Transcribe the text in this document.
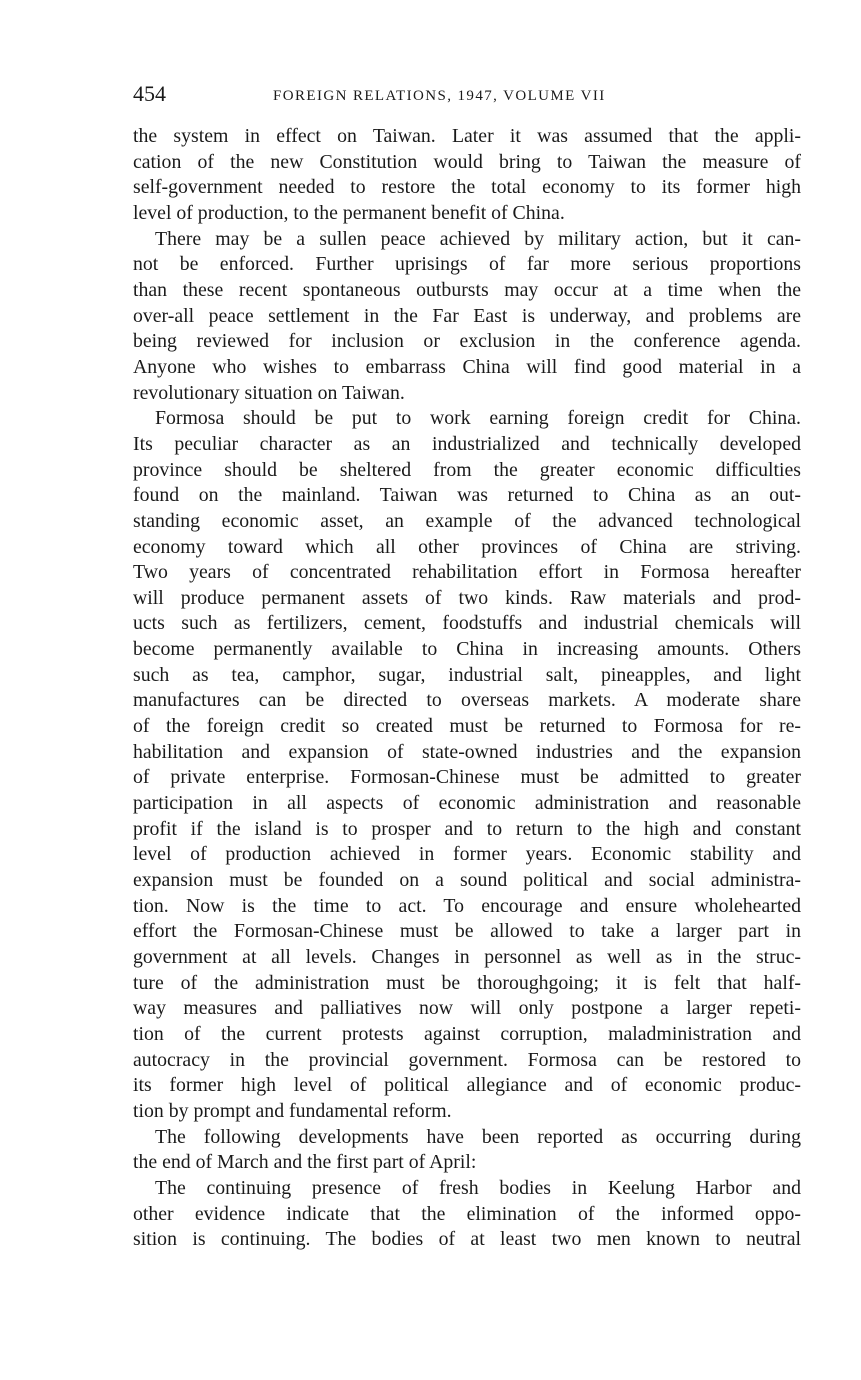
454	FOREIGN RELATIONS, 1947, VOLUME VII

the system in effect on Taiwan. Later it was assumed that the appli-
cation of the new Constitution would bring to Taiwan the measure of
self-government needed to restore the total economy to its former high
level of production, to the permanent benefit of China.

There may be a sullen peace achieved by military action, but it can-
not be enforced. Further uprisings of far more serious proportions
than these recent spontaneous outbursts may occur at a time when the
over-all peace settlement in the Far East is underway, and problems are
being reviewed for inclusion or exclusion in the conference agenda.
Anyone who wishes to embarrass China will find good material in a
revolutionary situation on Taiwan.

Formosa should be put to work earning foreign credit for China.
Its peculiar character as an industrialized and technically developed
province should be sheltered from the greater economic difficulties
found on the mainland. Taiwan was returned to China as an out-
standing economic asset, an example of the advanced technological
economy toward which all other provinces of China are striving.
Two years of concentrated rehabilitation effort in Formosa hereafter
will produce permanent assets of two kinds. Raw materials and prod-
ucts such as fertilizers, cement, foodstuffs and industrial chemicals will
become permanently available to China in increasing amounts. Others
such as tea, camphor, sugar, industrial salt, pineapples, and light
manufactures can be directed to overseas markets. A moderate share
of the foreign credit so created must be returned to Formosa for re-
habilitation and expansion of state-owned industries and the expansion
of private enterprise. Formosan-Chinese must be admitted to greater
participation in all aspects of economic administration and reasonable
profit if the island is to prosper and to return to the high and constant
level of production achieved in former years. Economic stability and
expansion must be founded on a sound political and social administra-
tion. Now is the time to act. To encourage and ensure wholehearted
effort the Formosan-Chinese must be allowed to take a larger part in
government at all levels. Changes in personnel as well as in the struc-
ture of the administration must be thoroughgoing; it is felt that half-
way measures and palliatives now will only postpone a larger repeti-
tion of the current protests against corruption, maladministration and
autocracy in the provincial government. Formosa can be restored to
its former high level of political allegiance and of economic produc-
tion by prompt and fundamental reform.

The following developments have been reported as occurring during
the end of March and the first part of April:

The continuing presence of fresh bodies in Keelung Harbor and
other evidence indicate that the elimination of the informed oppo-
sition is continuing. The bodies of at least two men known to neutral
